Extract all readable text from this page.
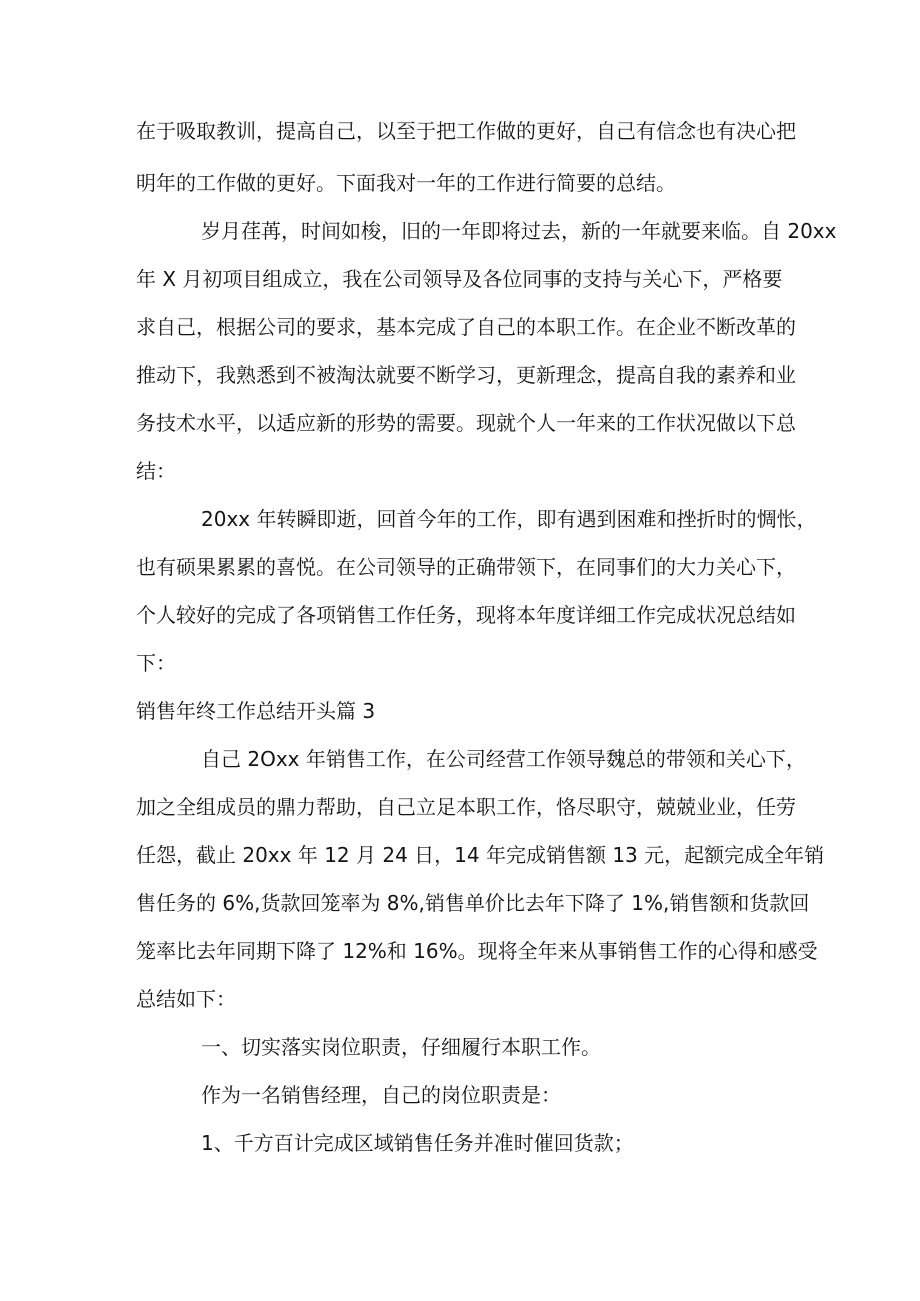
在于吸取教训，提高自己，以至于把工作做的更好，自己有信念也有决心把
明年的工作做的更好。下面我对一年的工作进行简要的总结。
岁月荏苒，时间如梭，旧的一年即将过去，新的一年就要来临。自 20xx
年 X 月初项目组成立，我在公司领导及各位同事的支持与关心下，严格要
求自己，根据公司的要求，基本完成了自己的本职工作。在企业不断改革的
推动下，我熟悉到不被淘汰就要不断学习，更新理念，提高自我的素养和业
务技术水平，以适应新的形势的需要。现就个人一年来的工作状况做以下总
结：
20xx 年转瞬即逝，回首今年的工作，即有遇到困难和挫折时的惆怅，
也有硕果累累的喜悦。在公司领导的正确带领下，在同事们的大力关心下，
个人较好的完成了各项销售工作任务，现将本年度详细工作完成状况总结如
下：
销售年终工作总结开头篇 3
自己 2Oxx 年销售工作，在公司经营工作领导魏总的带领和关心下，
加之全组成员的鼎力帮助，自己立足本职工作，恪尽职守，兢兢业业，任劳
任怨，截止 20xx 年 12 月 24 日，14 年完成销售额 13 元，起额完成全年销
售任务的 6%,货款回笼率为 8%,销售单价比去年下降了 1%,销售额和货款回
笼率比去年同期下降了 12%和 16%。现将全年来从事销售工作的心得和感受
总结如下：
一、切实落实岗位职责，仔细履行本职工作。
作为一名销售经理，自己的岗位职责是：
1、千方百计完成区域销售任务并准时催回货款；
